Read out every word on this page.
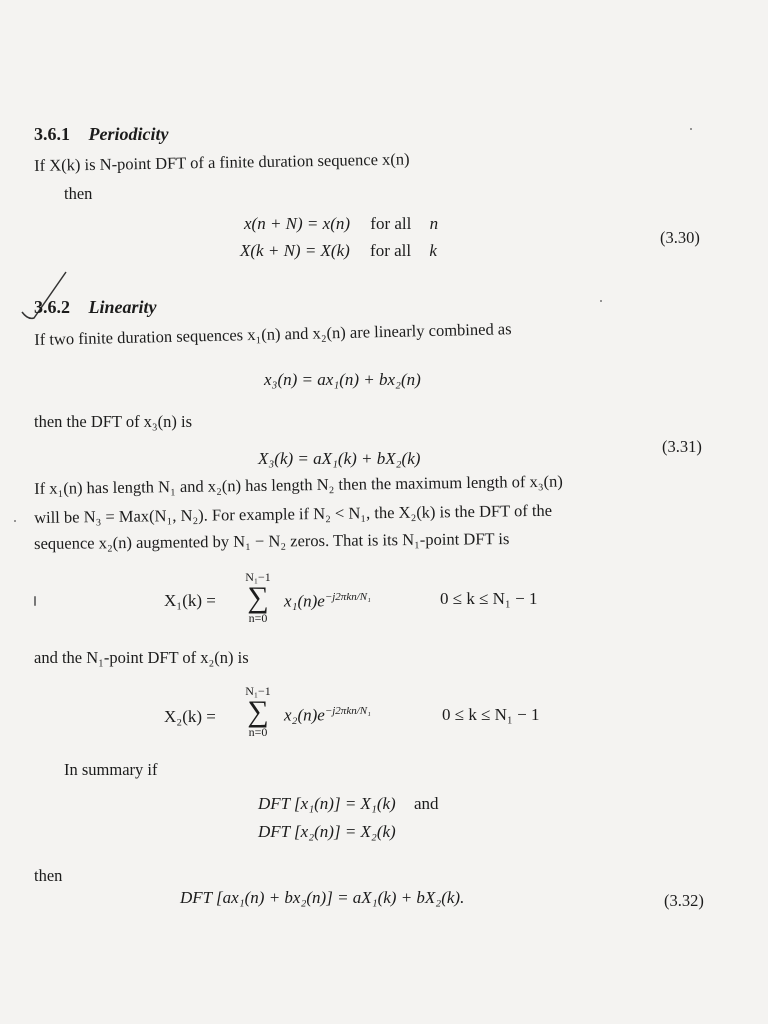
3.6.1 Periodicity
If X(k) is N-point DFT of a finite duration sequence x(n)
then
x(n + N) = x(n) for all n
X(k + N) = X(k) for all k
(3.30)
3.6.2 Linearity
If two finite duration sequences x₁(n) and x₂(n) are linearly combined as
x₃(n) = ax₁(n) + bx₂(n)
then the DFT of x₃(n) is
X₃(k) = aX₁(k) + bX₂(k)
(3.31)
If x₁(n) has length N₁ and x₂(n) has length N₂ then the maximum length of x₃(n)
will be N₃ = Max(N₁, N₂). For example if N₂ < N₁, the X₂(k) is the DFT of the
sequence x₂(n) augmented by N₁ − N₂ zeros. That is its N₁-point DFT is
X₁(k) =
N₁−1
∑
n=0
$x_1(n)e^{-j2\pi kn/N_1}$	0 ≤ k ≤ N₁ − 1
and the N₁-point DFT of x₂(n) is
X₂(k) =
N₁−1
∑
n=0
$x_2(n)e^{-j2\pi kn/N_1}$	0 ≤ k ≤ N₁ − 1
In summary if
DFT [x₁(n)] = X₁(k) and
DFT [x₂(n)] = X₂(k)
then
DFT [ax₁(n) + bx₂(n)] = aX₁(k) + bX₂(k).	(3.32)
